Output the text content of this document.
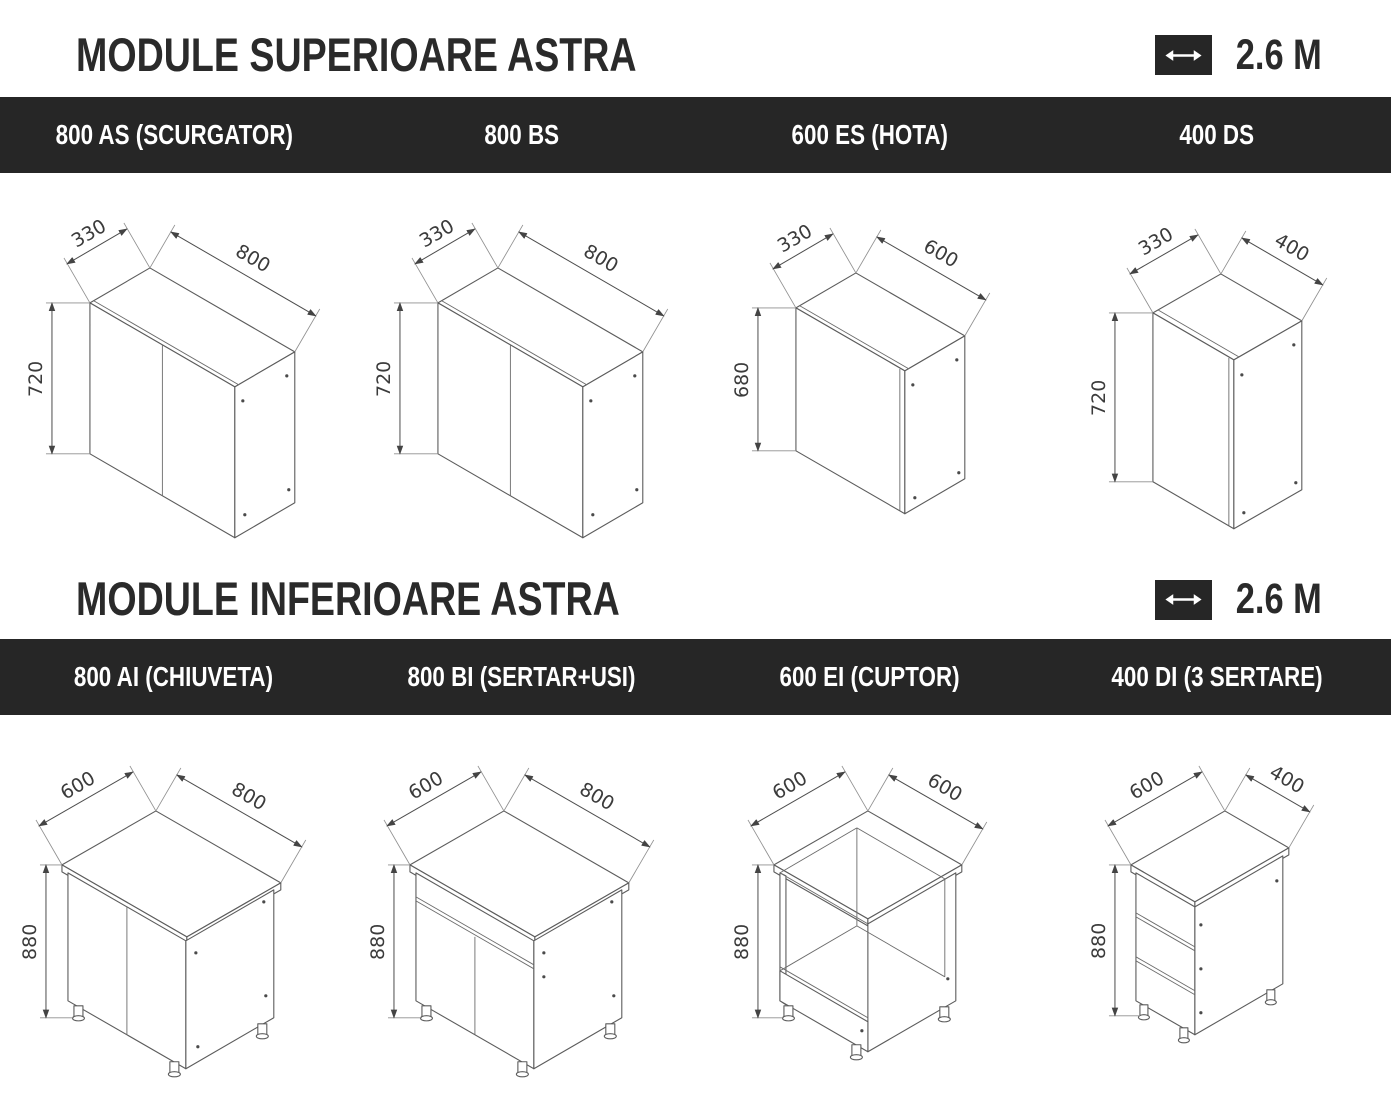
MODULE SUPERIOARE ASTRA	2.6 M
800 AS (SCURGATOR)	800 BS	600 ES (HOTA)	400 DS
330
800
720
330
800
720
330	600
680
330	400
720
MODULE INFERIOARE ASTRA	2.6 M
800 AI (CHIUVETA)	800 BI (SERTAR+USI)	600 EI (CUPTOR)	400 DI (3 SERTARE)
600	800
880
600	800
880
600	600
880
600	400
880
